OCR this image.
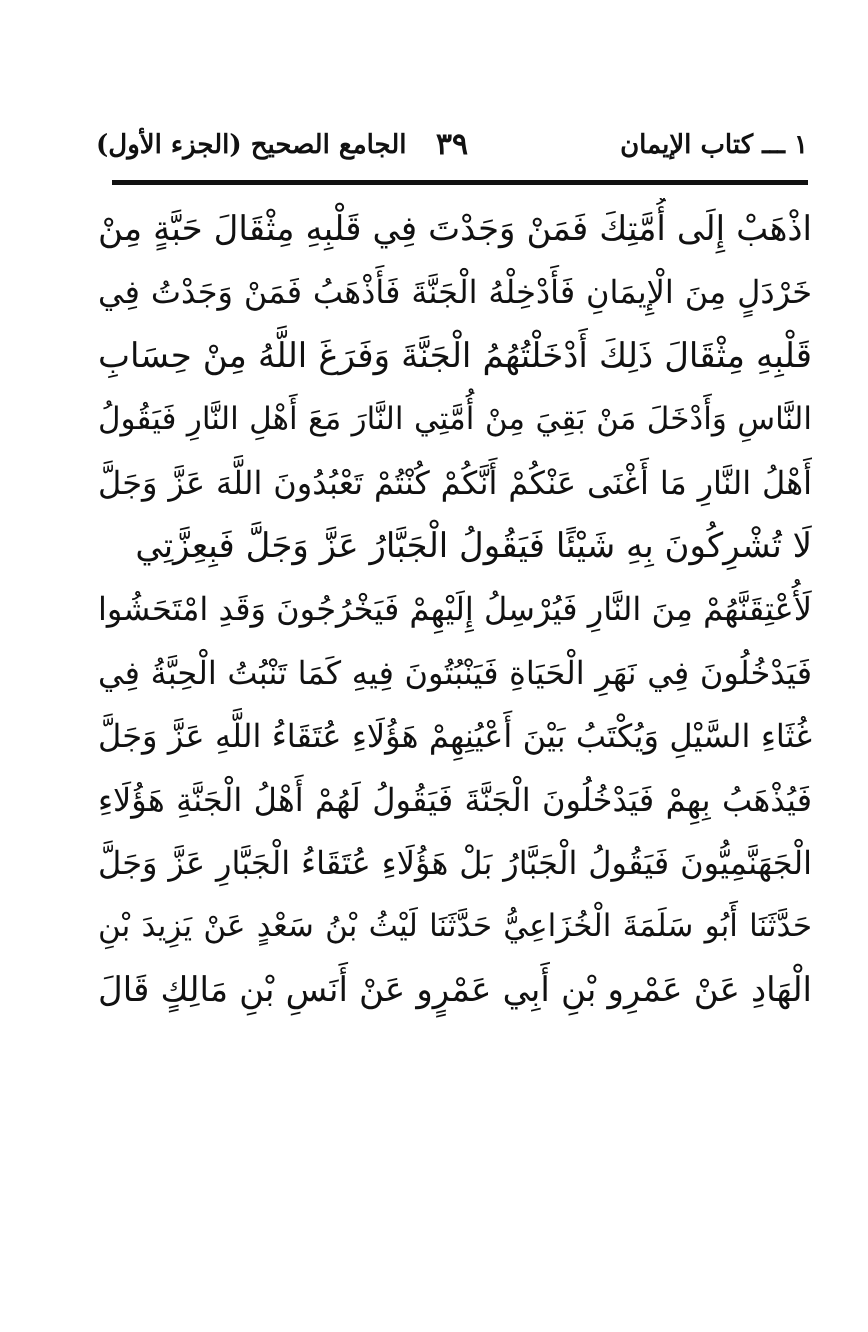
١ ـــ كتاب الإيمان
٣٩
الجامع الصحيح (الجزء الأول)
اذْهَبْ إِلَى أُمَّتِكَ فَمَنْ وَجَدْتَ فِي قَلْبِهِ مِثْقَالَ حَبَّةٍ مِنْ
خَرْدَلٍ مِنَ الْإِيمَانِ فَأَدْخِلْهُ الْجَنَّةَ فَأَذْهَبُ فَمَنْ وَجَدْتُ فِي
قَلْبِهِ مِثْقَالَ ذَلِكَ أَدْخَلْتُهُمُ الْجَنَّةَ وَفَرَغَ اللَّهُ مِنْ حِسَابِ
النَّاسِ وَأَدْخَلَ مَنْ بَقِيَ مِنْ أُمَّتِي النَّارَ مَعَ أَهْلِ النَّارِ فَيَقُولُ
أَهْلُ النَّارِ مَا أَغْنَى عَنْكُمْ أَنَّكُمْ كُنْتُمْ تَعْبُدُونَ اللَّهَ عَزَّ وَجَلَّ
لَا تُشْرِكُونَ بِهِ شَيْئًا فَيَقُولُ الْجَبَّارُ عَزَّ وَجَلَّ فَبِعِزَّتِي
لَأُعْتِقَنَّهُمْ مِنَ النَّارِ فَيُرْسِلُ إِلَيْهِمْ فَيَخْرُجُونَ وَقَدِ امْتَحَشُوا
فَيَدْخُلُونَ فِي نَهَرِ الْحَيَاةِ فَيَنْبُتُونَ فِيهِ كَمَا تَنْبُتُ الْحِبَّةُ فِي
غُثَاءِ السَّيْلِ وَيُكْتَبُ بَيْنَ أَعْيُنِهِمْ هَؤُلَاءِ عُتَقَاءُ اللَّهِ عَزَّ وَجَلَّ
فَيُذْهَبُ بِهِمْ فَيَدْخُلُونَ الْجَنَّةَ فَيَقُولُ لَهُمْ أَهْلُ الْجَنَّةِ هَؤُلَاءِ
الْجَهَنَّمِيُّونَ فَيَقُولُ الْجَبَّارُ بَلْ هَؤُلَاءِ عُتَقَاءُ الْجَبَّارِ عَزَّ وَجَلَّ
حَدَّثَنَا أَبُو سَلَمَةَ الْخُزَاعِيُّ حَدَّثَنَا لَيْثُ بْنُ سَعْدٍ عَنْ يَزِيدَ بْنِ
الْهَادِ عَنْ عَمْرِو بْنِ أَبِي عَمْرٍو عَنْ أَنَسِ بْنِ مَالِكٍ قَالَ
